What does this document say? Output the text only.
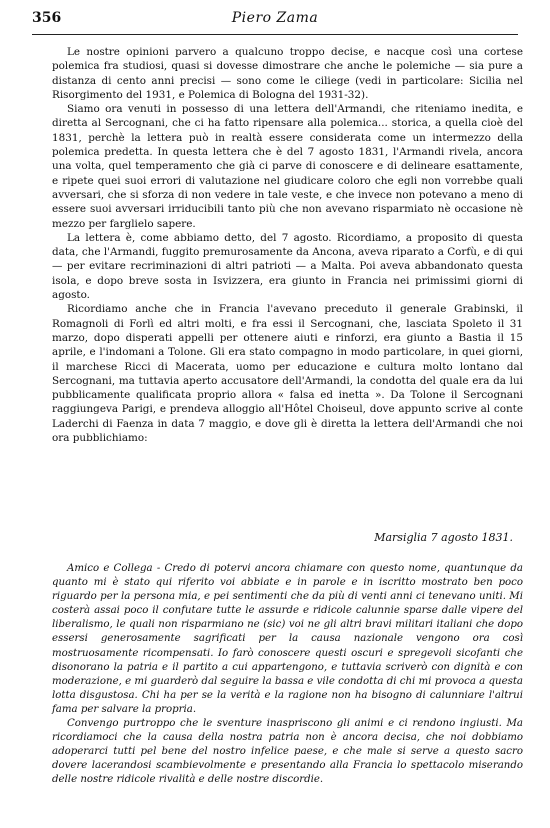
356	Piero Zama

Le nostre opinioni parvero a qualcuno troppo decise, e nacque così una cortese polemica fra studiosi, quasi si dovesse dimostrare che anche le polemiche — sia pure a distanza di cento anni precisi — sono come le ciliege (vedi in particolare: Sicilia nel Risorgimento del 1931, e Polemica di Bologna del 1931-32).

Siamo ora venuti in possesso di una lettera dell'Armandi, che riteniamo inedita, e diretta al Sercognani, che ci ha fatto ripensare alla polemica... storica, a quella cioè del 1831, perchè la lettera può in realtà essere considerata come un intermezzo della polemica predetta. In questa lettera che è del 7 agosto 1831, l'Armandi rivela, ancora una volta, quel temperamento che già ci parve di conoscere e di delineare esattamente, e ripete quei suoi errori di valutazione nel giudicare coloro che egli non vorrebbe quali avversari, che si sforza di non vedere in tale veste, e che invece non potevano a meno di essere suoi avversari irriducibili tanto più che non avevano risparmiato nè occasione nè mezzo per farglielo sapere.

La lettera è, come abbiamo detto, del 7 agosto. Ricordiamo, a proposito di questa data, che l'Armandi, fuggito premurosamente da Ancona, aveva riparato a Corfù, e di qui — per evitare recriminazioni di altri patrioti — a Malta. Poi aveva abbandonato questa isola, e dopo breve sosta in Isvizzera, era giunto in Francia nei primissimi giorni di agosto.

Ricordiamo anche che in Francia l'avevano preceduto il generale Grabinski, il Romagnoli di Forlì ed altri molti, e fra essi il Sercognani, che, lasciata Spoleto il 31 marzo, dopo disperati appelli per ottenere aiuti e rinforzi, era giunto a Bastia il 15 aprile, e l'indomani a Tolone. Gli era stato compagno in modo particolare, in quei giorni, il marchese Ricci di Macerata, uomo per educazione e cultura molto lontano dal Sercognani, ma tuttavia aperto accusatore dell'Armandi, la condotta del quale era da lui pubblicamente qualificata proprio allora « falsa ed inetta ». Da Tolone il Sercognani raggiungeva Parigi, e prendeva alloggio all'Hôtel Choiseul, dove appunto scrive al conte Laderchi di Faenza in data 7 maggio, e dove gli è diretta la lettera dell'Armandi che noi ora pubblichiamo:

Marsiglia 7 agosto 1831.

Amico e Collega - Credo di potervi ancora chiamare con questo nome, quantunque da quanto mi è stato qui riferito voi abbiate e in parole e in iscritto mostrato ben poco riguardo per la persona mia, e pei sentimenti che da più di venti anni ci tenevano uniti. Mi costerà assai poco il confutare tutte le assurde e ridicole calunnie sparse dalle vipere del liberalismo, le quali non risparmiano ne (sic) voi ne gli altri bravi militari italiani che dopo essersi generosamente sagrificati per la causa nazionale vengono ora così mostruosamente ricompensati. Io farò conoscere questi oscuri e spregevoli sicofanti che disonorano la patria e il partito a cui appartengono, e tuttavia scriverò con dignità e con moderazione, e mi guarderò dal seguire la bassa e vile condotta di chi mi provoca a questa lotta disgustosa. Chi ha per se la verità e la ragione non ha bisogno di calunniare l'altrui fama per salvare la propria.

Convengo purtroppo che le sventure inaspriscono gli animi e ci rendono ingiusti. Ma ricordiamoci che la causa della nostra patria non è ancora decisa, che noi dobbiamo adoperarci tutti pel bene del nostro infelice paese, e che male si serve a questo sacro dovere lacerandosi scambievolmente e presentando alla Francia lo spettacolo miserando delle nostre ridicole rivalità e delle nostre discordie.
